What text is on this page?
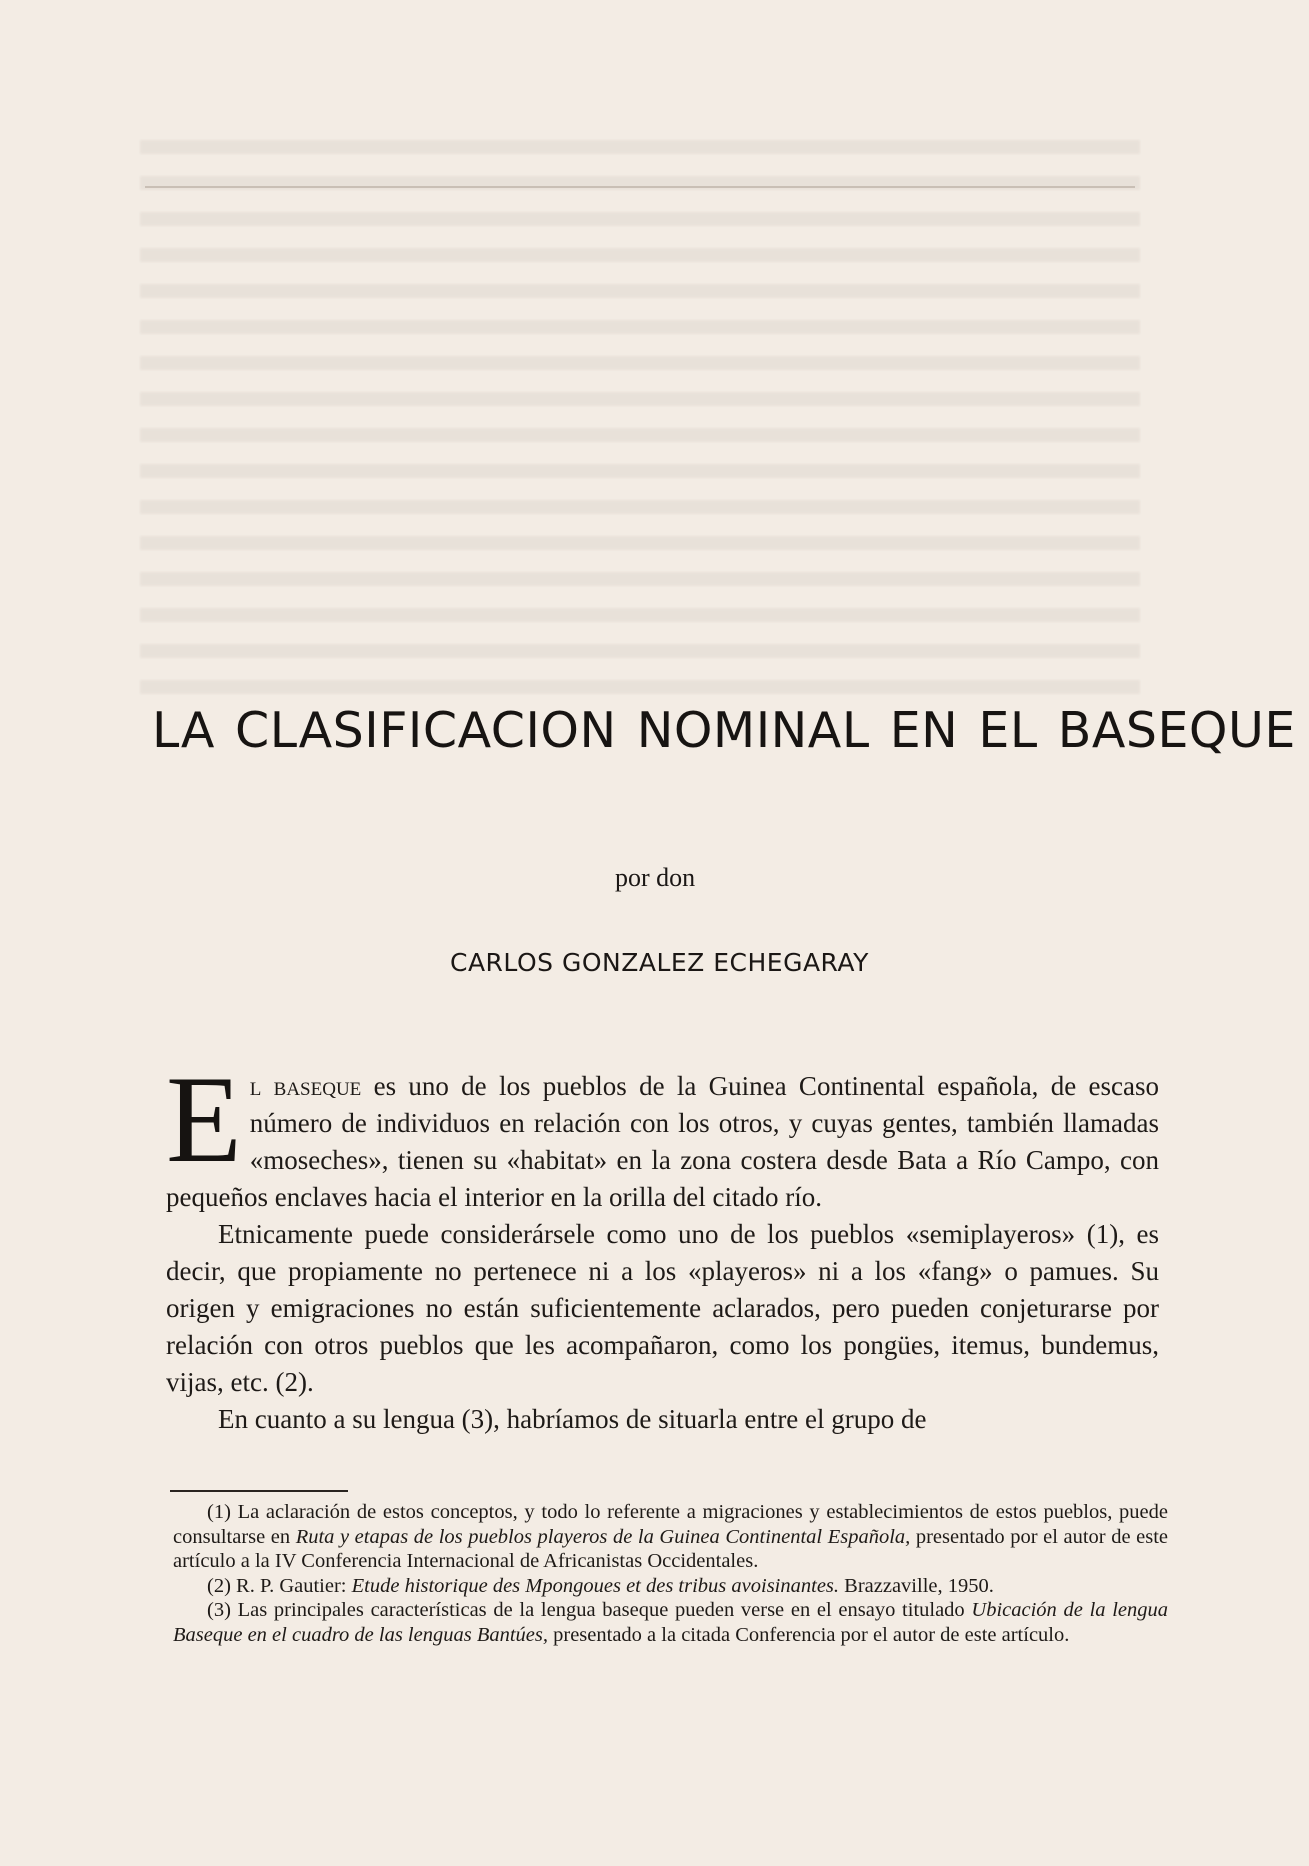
LA CLASIFICACION NOMINAL EN EL BASEQUE
por don
CARLOS GONZALEZ ECHEGARAY

El baseque es uno de los pueblos de la Guinea Continental española, de escaso número de individuos en relación con los otros, y cuyas gentes, también llamadas «moseches», tienen su «habitat» en la zona costera desde Bata a Río Campo, con pequeños enclaves hacia el interior en la orilla del citado río.

Etnicamente puede considerársele como uno de los pueblos «semiplayeros» (1), es decir, que propiamente no pertenece ni a los «playeros» ni a los «fang» o pamues. Su origen y emigraciones no están suficientemente aclarados, pero pueden conjeturarse por relación con otros pueblos que les acompañaron, como los pongües, itemus, bundemus, vijas, etc. (2).

En cuanto a su lengua (3), habríamos de situarla entre el grupo de

(1) La aclaración de estos conceptos, y todo lo referente a migraciones y establecimientos de estos pueblos, puede consultarse en Ruta y etapas de los pueblos playeros de la Guinea Continental Española, presentado por el autor de este artículo a la IV Conferencia Internacional de Africanistas Occidentales.

(2) R. P. Gautier: Etude historique des Mpongoues et des tribus avoisinantes. Brazzaville, 1950.

(3) Las principales características de la lengua baseque pueden verse en el ensayo titulado Ubicación de la lengua Baseque en el cuadro de las lenguas Bantúes, presentado a la citada Conferencia por el autor de este artículo.
